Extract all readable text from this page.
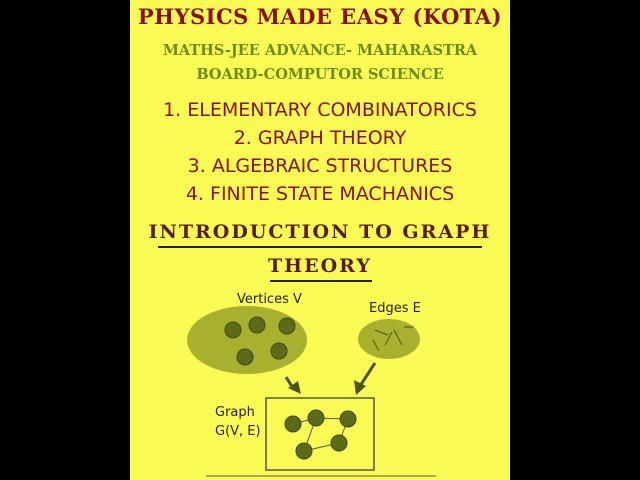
PHYSICS MADE EASY (KOTA)
MATHS-JEE ADVANCE- MAHARASTRA
BOARD-COMPUTOR SCIENCE
1. ELEMENTARY COMBINATORICS
2. GRAPH THEORY
3. ALGEBRAIC STRUCTURES
4. FINITE STATE MACHANICS
INTRODUCTION TO GRAPH
THEORY
Vertices V
Edges E
Graph
G(V, E)
